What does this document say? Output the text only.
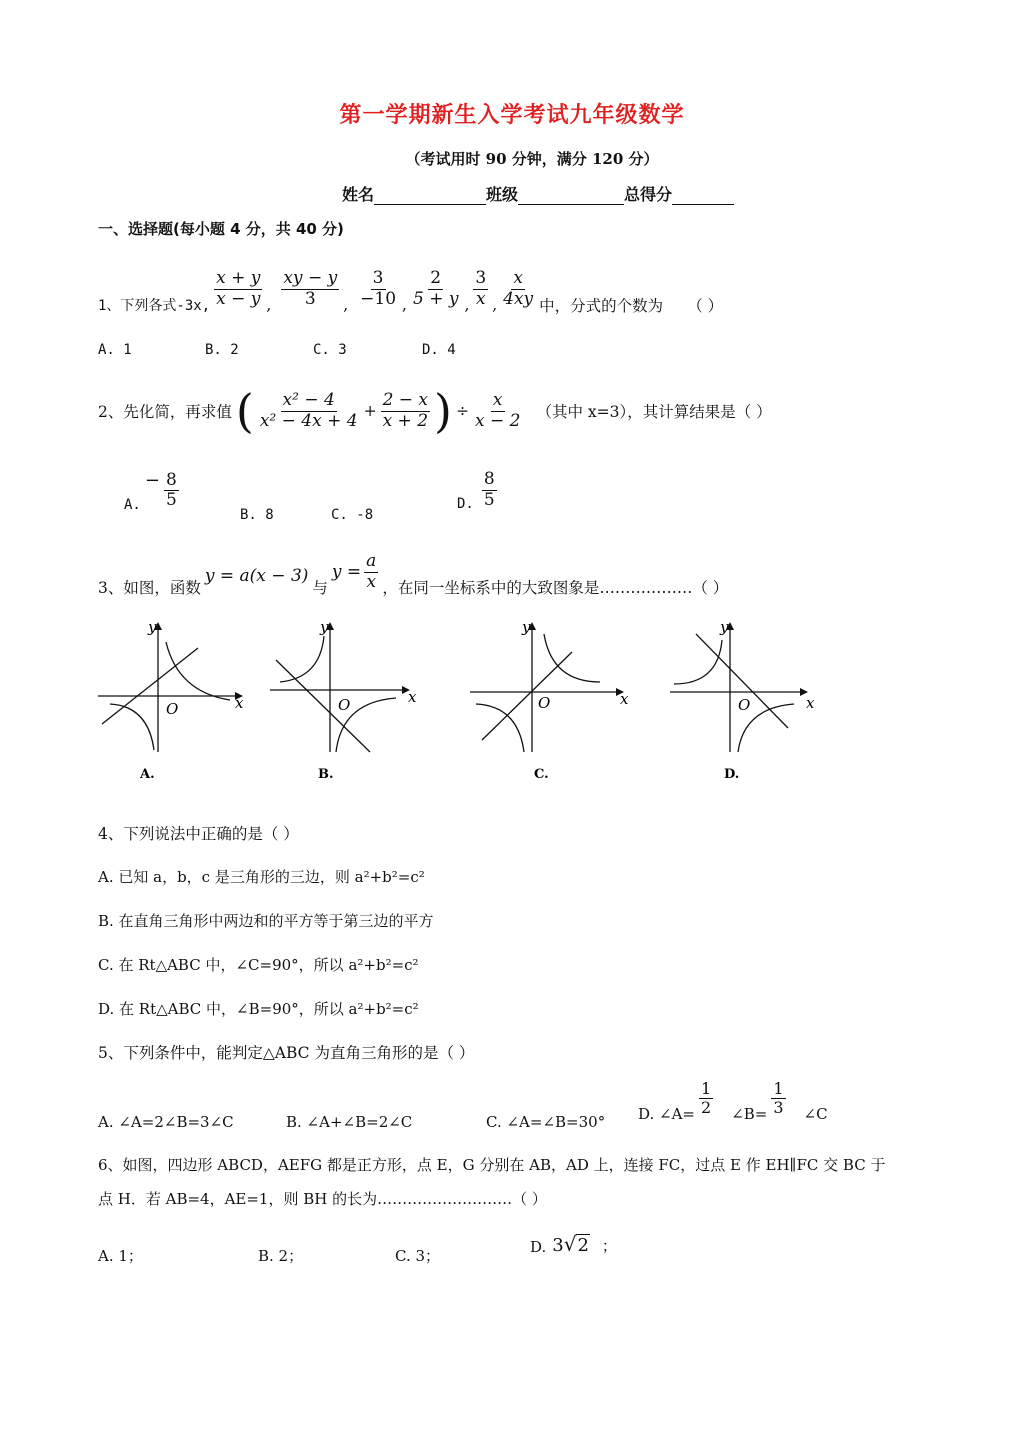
第一学期新生入学考试九年级数学
（考试用时 90 分钟，满分 120 分）
姓名	班级	总得分
一、选择题(每小题 4 分，共 40 分)
1、下列各式-3x, $\frac{x + y}{x - y}$ , $\frac{xy - y}{3}$ , $\frac{3}{-10}$ , $\frac{2}{5 + y}$ , $\frac{3}{x}$ , $\frac{x}{4xy}$ 中，分式的个数为 （ ）
A. 1	B. 2	C. 3	D. 4
2、先化简，再求值 ( $\frac{\text{x² − 4}}{\text{x² − 4x + 4}} + \frac{2 - x}{x + 2}$ ) ÷ $\frac{x}{x - 2}$ （其中 x=3），其计算结果是（ ）
A.
− $\frac{8}{5}$
B. 8	C. -8
D. $\frac{8}{5}$
3、如图，函数
y = a(x − 3)
与
$y = \frac{a}{x}$ ，在同一坐标系中的大致图象是………………（ ）
x
y
O
A.
x
y
O
B.
x
y
O
C.
x
y
O
D.
4、下列说法中正确的是（ ）
A. 已知 a，b，c 是三角形的三边，则 a²+b²=c²
B. 在直角三角形中两边和的平方等于第三边的平方
C. 在 Rt△ABC 中，∠C=90°，所以 a²+b²=c²
D. 在 Rt△ABC 中，∠B=90°，所以 a²+b²=c²
5、下列条件中，能判定△ABC 为直角三角形的是（ ）
A. ∠A=2∠B=3∠C	B. ∠A+∠B=2∠C	C. ∠A=∠B=30° D. ∠A= $\frac{1}{2}$ ∠B= $\frac{1}{3}$ ∠C
6、如图，四边形 ABCD，AEFG 都是正方形，点 E，G 分别在 AB，AD 上，连接 FC，过点 E 作 EH∥FC 交 BC 于
点 H．若 AB=4，AE=1，则 BH 的长为………………………（ ）
A. 1；	B. 2；	C. 3；	D. 3 √ 2 ；
